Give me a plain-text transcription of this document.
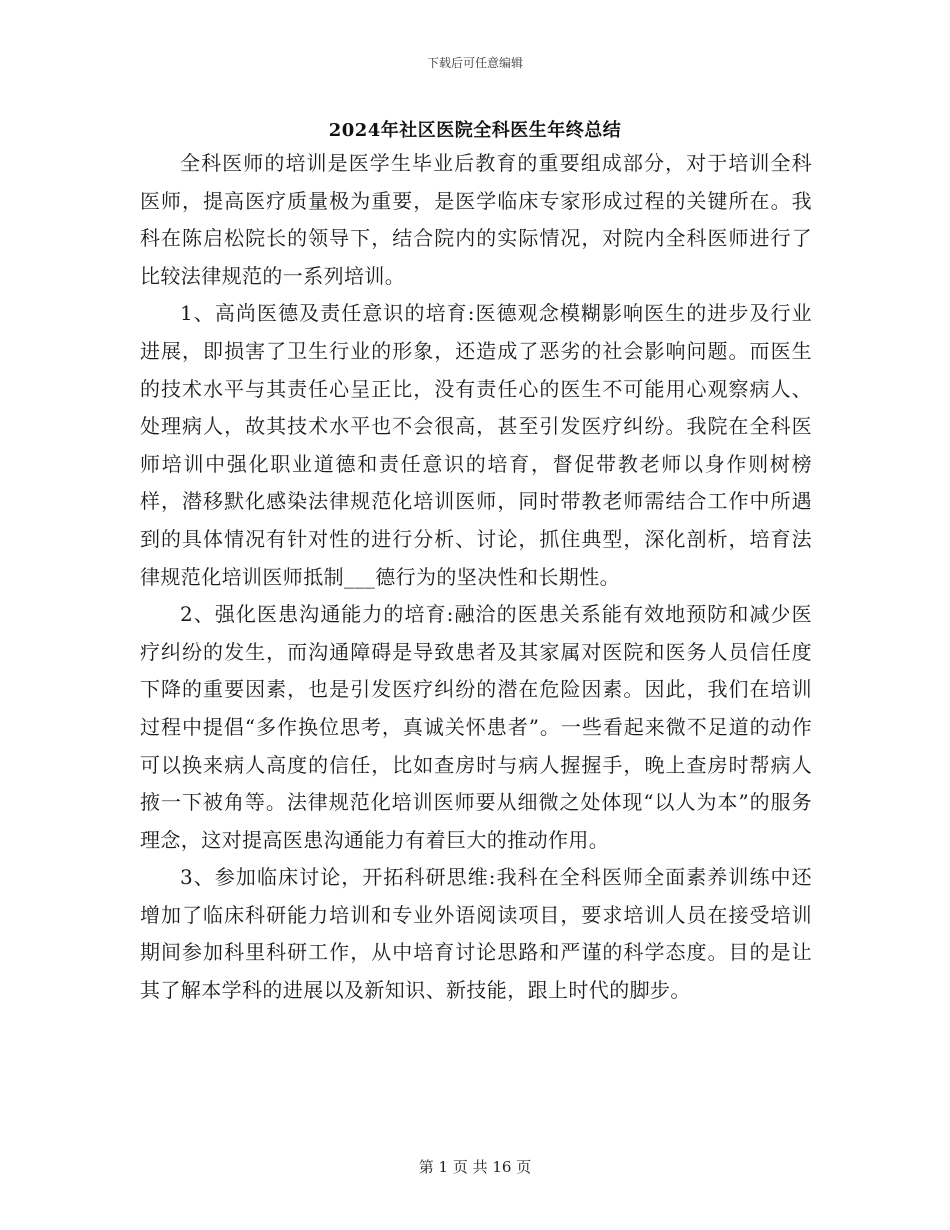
下载后可任意编辑
2024年社区医院全科医生年终总结

全科医师的培训是医学生毕业后教育的重要组成部分，对于培训全科医师，提高医疗质量极为重要，是医学临床专家形成过程的关键所在。我科在陈启松院长的领导下，结合院内的实际情况，对院内全科医师进行了比较法律规范的一系列培训。

1、高尚医德及责任意识的培育:医德观念模糊影响医生的进步及行业进展，即损害了卫生行业的形象，还造成了恶劣的社会影响问题。而医生的技术水平与其责任心呈正比，没有责任心的医生不可能用心观察病人、处理病人，故其技术水平也不会很高，甚至引发医疗纠纷。我院在全科医师培训中强化职业道德和责任意识的培育，督促带教老师以身作则树榜样，潜移默化感染法律规范化培训医师，同时带教老师需结合工作中所遇到的具体情况有针对性的进行分析、讨论，抓住典型，深化剖析，培育法律规范化培训医师抵制___德行为的坚决性和长期性。

2、强化医患沟通能力的培育:融洽的医患关系能有效地预防和减少医疗纠纷的发生，而沟通障碍是导致患者及其家属对医院和医务人员信任度下降的重要因素，也是引发医疗纠纷的潜在危险因素。因此，我们在培训过程中提倡“多作换位思考，真诚关怀患者”。一些看起来微不足道的动作可以换来病人高度的信任，比如查房时与病人握握手，晚上查房时帮病人掖一下被角等。法律规范化培训医师要从细微之处体现“以人为本”的服务理念，这对提高医患沟通能力有着巨大的推动作用。

3、参加临床讨论，开拓科研思维:我科在全科医师全面素养训练中还增加了临床科研能力培训和专业外语阅读项目，要求培训人员在接受培训期间参加科里科研工作，从中培育讨论思路和严谨的科学态度。目的是让其了解本学科的进展以及新知识、新技能，跟上时代的脚步。

第 1 页 共 16 页
